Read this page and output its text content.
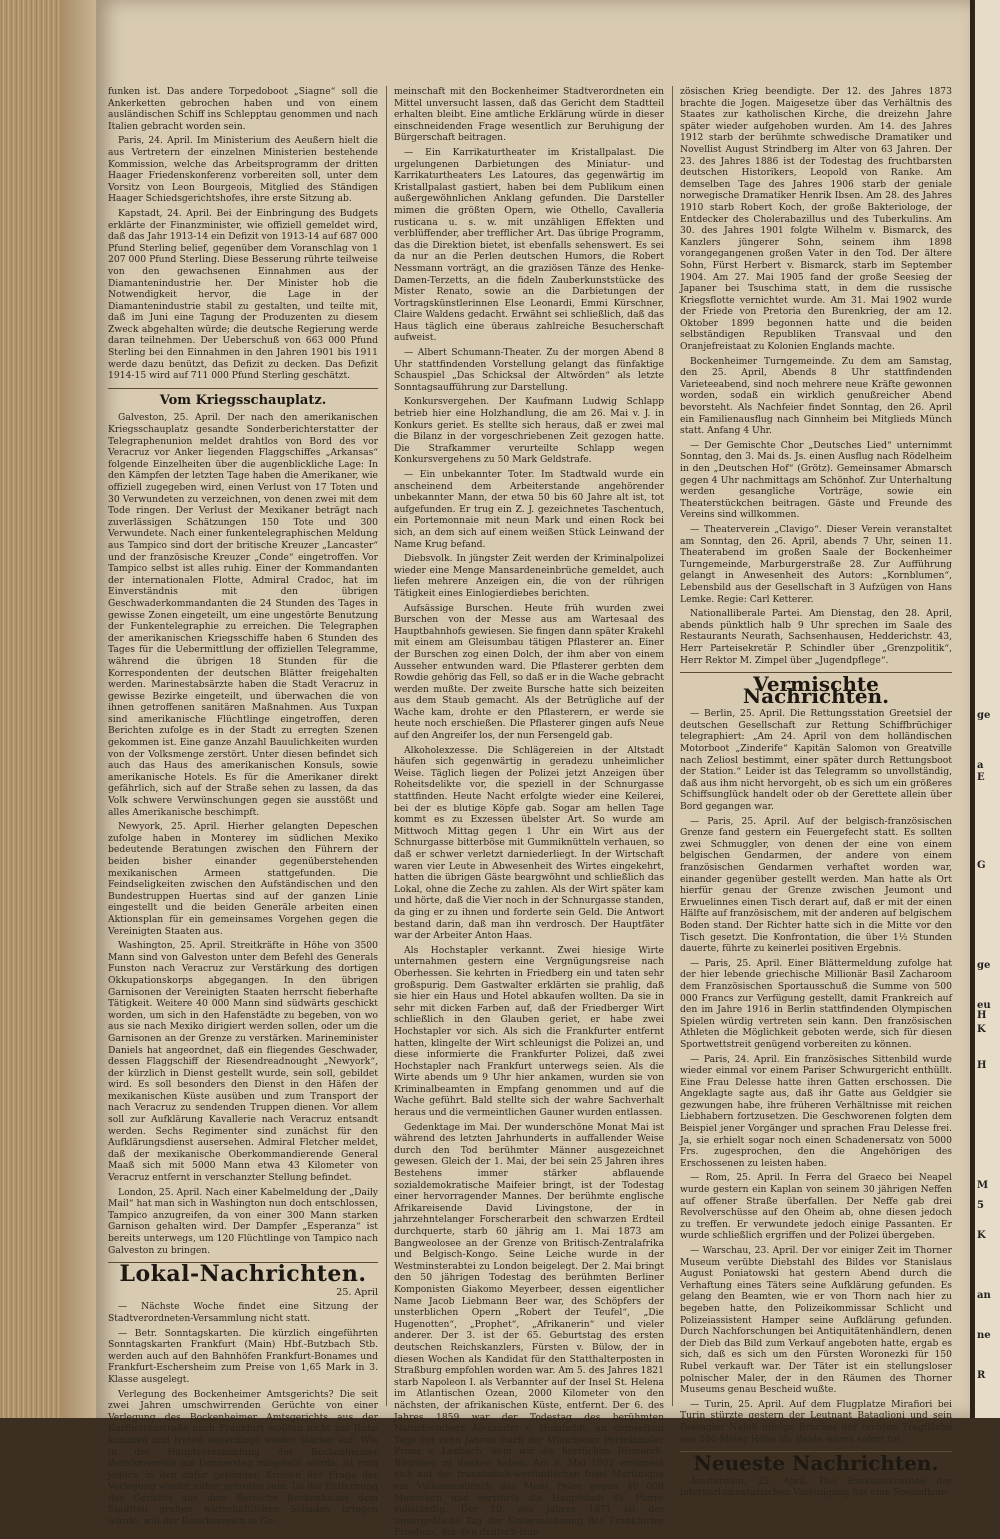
ge
a
E
G
ge
eu
H
K
H
M
5
K
an
ne
R

funken ist. Das andere Torpedoboot „Siagne“ soll die Ankerketten gebrochen haben und von einem ausländischen Schiff ins Schlepptau genommen und nach Italien gebracht worden sein.

Paris, 24. April. Im Ministerium des Aeußern hielt die aus Vertretern der einzelnen Ministerien bestehende Kommission, welche das Arbeitsprogramm der dritten Haager Friedenskonferenz vorbereiten soll, unter dem Vorsitz von Leon Bourgeois, Mitglied des Ständigen Haager Schiedsgerichtshofes, ihre erste Sitzung ab.

Kapstadt, 24. April. Bei der Einbringung des Budgets erklärte der Finanzminister, wie offiziell gemeldet wird, daß das Jahr 1913-14 ein Defizit von 1913-14 auf 687 000 Pfund Sterling belief, gegenüber dem Voranschlag von 1 207 000 Pfund Sterling. Diese Besserung rührte teilweise von den gewachsenen Einnahmen aus der Diamantenindustrie her. Der Minister hob die Notwendigkeit hervor, die Lage in der Diamantenindustrie stabil zu gestalten, und teilte mit, daß im Juni eine Tagung der Produzenten zu diesem Zweck abgehalten würde; die deutsche Regierung werde daran teilnehmen. Der Ueberschuß von 663 000 Pfund Sterling bei den Einnahmen in den Jahren 1901 bis 1911 werde dazu benützt, das Defizit zu decken. Das Defizit 1914-15 wird auf 711 000 Pfund Sterling geschätzt.

Vom Kriegsschauplatz.

Galveston, 25. April. Der nach den amerikanischen Kriegsschauplatz gesandte Sonderberichterstatter der Telegraphenunion meldet drahtlos von Bord des vor Veracruz vor Anker liegenden Flaggschiffes „Arkansas“ folgende Einzelheiten über die augenblickliche Lage: In den Kämpfen der letzten Tage haben die Amerikaner, wie offiziell zugegeben wird, einen Verlust von 17 Toten und 30 Verwundeten zu verzeichnen, von denen zwei mit dem Tode ringen. Der Verlust der Mexikaner beträgt nach zuverlässigen Schätzungen 150 Tote und 300 Verwundete. Nach einer funkentelegraphischen Meldung aus Tampico sind dort der britische Kreuzer „Lancaster“ und der französische Kreuzer „Conde“ eingetroffen. Vor Tampico selbst ist alles ruhig. Einer der Kommandanten der internationalen Flotte, Admiral Cradoc, hat im Einverständnis mit den übrigen Geschwaderkommandanten die 24 Stunden des Tages in gewisse Zonen eingeteilt, um eine ungestörte Benutzung der Funkentelegraphie zu erreichen. Die Telegraphen der amerikanischen Kriegsschiffe haben 6 Stunden des Tages für die Uebermittlung der offiziellen Telegramme, während die übrigen 18 Stunden für die Korrespondenten der deutschen Blätter freigehalten werden. Marinestabsärzte haben die Stadt Veracruz in gewisse Bezirke eingeteilt, und überwachen die von ihnen getroffenen sanitären Maßnahmen. Aus Tuxpan sind amerikanische Flüchtlinge eingetroffen, deren Berichten zufolge es in der Stadt zu erregten Szenen gekommen ist. Eine ganze Anzahl Bauulichkeiten wurden von der Volksmenge zerstört. Unter diesen befindet sich auch das Haus des amerikanischen Konsuls, sowie amerikanische Hotels. Es für die Amerikaner direkt gefährlich, sich auf der Straße sehen zu lassen, da das Volk schwere Verwünschungen gegen sie ausstößt und alles Amerikanische beschimpft.

Newyork, 25. April. Hierher gelangten Depeschen zufolge haben in Monterey im südlichen Mexiko bedeutende Beratungen zwischen den Führern der beiden bisher einander gegenüberstehenden mexikanischen Armeen stattgefunden. Die Feindseligkeiten zwischen den Aufständischen und den Bundestruppen Huertas sind auf der ganzen Linie eingestellt und die beiden Generäle arbeiten einen Aktionsplan für ein gemeinsames Vorgehen gegen die Vereinigten Staaten aus.

Washington, 25. April. Streitkräfte in Höhe von 3500 Mann sind von Galveston unter dem Befehl des Generals Funston nach Veracruz zur Verstärkung des dortigen Okkupationskorps abgegangen. In den übrigen Garnisonen der Vereinigten Staaten herrscht fieberhafte Tätigkeit. Weitere 40 000 Mann sind südwärts geschickt worden, um sich in den Hafenstädte zu begeben, von wo aus sie nach Mexiko dirigiert werden sollen, oder um die Garnisonen an der Grenze zu verstärken. Marineminister Daniels hat angeordnet, daß ein fliegendes Geschwader, dessen Flaggschiff der Riesendreadnought „Newyork“, der kürzlich in Dienst gestellt wurde, sein soll, gebildet wird. Es soll besonders den Dienst in den Häfen der mexikanischen Küste ausüben und zum Transport der nach Veracruz zu sendenden Truppen dienen. Vor allem soll zur Aufklärung Kavallerie nach Veracruz entsandt werden. Sechs Regimenter sind zunächst für den Aufklärungsdienst ausersehen. Admiral Fletcher meldet, daß der mexikanische Oberkommandierende General Maaß sich mit 5000 Mann etwa 43 Kilometer von Veracruz entfernt in verschanzter Stellung befindet.

London, 25. April. Nach einer Kabelmeldung der „Daily Mail“ hat man sich in Washington nun doch entschlossen, Tampico anzugreifen, da von einer 300 Mann starken Garnison gehalten wird. Der Dampfer „Esperanza“ ist bereits unterwegs, um 120 Flüchtlinge von Tampico nach Galveston zu bringen.

Lokal-Nachrichten.
25. April

— Nächste Woche findet eine Sitzung der Stadtverordneten-Versammlung nicht statt.

— Betr. Sonntagskarten. Die kürzlich eingeführten Sonntagskarten Frankfurt (Main) Hbf.-Butzbach Stb. werden auch auf den Bahnhöfen Frankfurt-Bonames und Frankfurt-Eschersheim zum Preise von 1,65 Mark in 3. Klasse ausgelegt.

Verlegung des Bockenheimer Amtsgerichts? Die seit zwei Jahren umschwirrenden Gerüchte von einer Verlegung des Bockenheimer Amtsgerichts aus der Kurfürstenstraße nach Frankfurt wollten nicht zur Ruhe kommen und treten neuerdings wieder stärker auf. Wie in der Hauptversammlung des Bockenheimer Bezirksvereins am Donnerstag mitgeteilt wurde, ist man jedoch in den dafür gebenden Kreisen der Frage der Verlegung wieder näher getreten sein. Da die Entfernung des Gerichts aus dem Bereiche Bockenheims dem Stadtteil großen wirtschaftlichen Schaden bringen würde, will der Bezirksverein in Ge-

meinschaft mit den Bockenheimer Stadtverordneten ein Mittel unversucht lassen, daß das Gericht dem Stadtteil erhalten bleibt. Eine amtliche Erklärung würde in dieser einschneidenden Frage wesentlich zur Beruhigung der Bürgerschaft beitragen.

— Ein Karrikaturtheater im Kristallpalast. Die urgelungenen Darbietungen des Miniatur- und Karrikaturtheaters Les Latoures, das gegenwärtig im Kristallpalast gastiert, haben bei dem Publikum einen außergewöhnlichen Anklang gefunden. Die Darsteller mimen die größten Opern, wie Othello, Cavalleria rusticana u. s. w. mit unzähligen Effekten und verblüffender, aber trefflicher Art. Das übrige Programm, das die Direktion bietet, ist ebenfalls sehenswert. Es sei da nur an die Perlen deutschen Humors, die Robert Nessmann vorträgt, an die graziösen Tänze des Henke-Damen-Terzetts, an die fideln Zauberkunststücke des Mister Renato, sowie an die Darbietungen der Vortragskünstlerinnen Else Leonardi, Emmi Kürschner, Claire Waldens gedacht. Erwähnt sei schließlich, daß das Haus täglich eine überaus zahlreiche Besucherschaft aufweist.

— Albert Schumann-Theater. Zu der morgen Abend 8 Uhr stattfindenden Vorstellung gelangt das fünfaktige Schauspiel „Das Schicksal der Altwörden“ als letzte Sonntagsaufführung zur Darstellung.

Konkursvergehen. Der Kaufmann Ludwig Schlapp betrieb hier eine Holzhandlung, die am 26. Mai v. J. in Konkurs geriet. Es stellte sich heraus, daß er zwei mal die Bilanz in der vorgeschriebenen Zeit gezogen hatte. Die Strafkammer verurteilte Schlapp wegen Konkursvergehens zu 50 Mark Geldstrafe.

— Ein unbekannter Toter. Im Stadtwald wurde ein anscheinend dem Arbeiterstande angehörender unbekannter Mann, der etwa 50 bis 60 Jahre alt ist, tot aufgefunden. Er trug ein Z. J. gezeichnetes Taschentuch, ein Portemonnaie mit neun Mark und einen Rock bei sich, an dem sich auf einem weißen Stück Leinwand der Name Krug befand.

Diebsvolk. In jüngster Zeit werden der Kriminalpolizei wieder eine Menge Mansardeneinbrüche gemeldet, auch liefen mehrere Anzeigen ein, die von der rührigen Tätigkeit eines Einlogierdiebes berichten.

Aufsässige Burschen. Heute früh wurden zwei Burschen von der Messe aus am Wartesaal des Hauptbahnhofs gewiesen. Sie fingen dann später Krakehl mit einem am Gleisumbau tätigen Pflasterer an. Einer der Burschen zog einen Dolch, der ihm aber von einem Ausseher entwunden ward. Die Pflasterer gerbten dem Rowdie gehörig das Fell, so daß er in die Wache gebracht werden mußte. Der zweite Bursche hatte sich beizeiten aus dem Staub gemacht. Als der Betrügliche auf der Wache kam, drohte er den Pflasterern, er werde sie heute noch erschießen. Die Pflasterer gingen aufs Neue auf den Angreifer los, der nun Fersengeld gab.

Alkoholexzesse. Die Schlägereien in der Altstadt häufen sich gegenwärtig in geradezu unheimlicher Weise. Täglich liegen der Polizei jetzt Anzeigen über Roheitsdelikte vor, die speziell in der Schnurgasse stattfinden. Heute Nacht erfolgte wieder eine Keilerei, bei der es blutige Köpfe gab. Sogar am hellen Tage kommt es zu Exzessen übelster Art. So wurde am Mittwoch Mittag gegen 1 Uhr ein Wirt aus der Schnurgasse bitterböse mit Gummiknütteln verhauen, so daß er schwer verletzt darniederliegt. In der Wirtschaft waren vier Leute in Abwesenheit des Wirtes eingekehrt, hatten die übrigen Gäste beargwöhnt und schließlich das Lokal, ohne die Zeche zu zahlen. Als der Wirt später kam und hörte, daß die Vier noch in der Schnurgasse standen, da ging er zu ihnen und forderte sein Geld. Die Antwort bestand darin, daß man ihn verdrosch. Der Hauptfäter war der Arbeiter Anton Haas.

Als Hochstapler verkannt. Zwei hiesige Wirte unternahmen gestern eine Vergnügungsreise nach Oberhessen. Sie kehrten in Friedberg ein und taten sehr großspurig. Dem Gastwalter erklärten sie prahlig, daß sie hier ein Haus und Hotel abkaufen wollten. Da sie in sehr mit dicken Farben auf, daß der Friedberger Wirt schließlich in den Glauben geriet, er habe zwei Hochstapler vor sich. Als sich die Frankfurter entfernt hatten, klingelte der Wirt schleunigst die Polizei an, und diese informierte die Frankfurter Polizei, daß zwei Hochstapler nach Frankfurt unterwegs seien. Als die Wirte abends um 9 Uhr hier ankamen, wurden sie von Kriminalbeamten in Empfang genommen und auf die Wache geführt. Bald stellte sich der wahre Sachverhalt heraus und die vermeintlichen Gauner wurden entlassen.

Gedenktage im Mai. Der wunderschöne Monat Mai ist während des letzten Jahrhunderts in auffallender Weise durch den Tod berühmter Männer ausgezeichnet gewesen. Gleich der 1. Mai, der bei sein 25 Jahren ihres Bestehens immer stärker abflauende sozialdemokratische Maifeier bringt, ist der Todestag einer hervorragender Mannes. Der berühmte englische Afrikareisende David Livingstone, der in jahrzehntelanger Forscherarbeit den schwarzen Erdteil durchquerte, starb 60 jährig am 1. Mai 1873 am Bangweolosee an der Grenze von Britisch-Zentralafrika und Belgisch-Kongo. Seine Leiche wurde in der Westminsterabtei zu London beigelegt. Der 2. Mai bringt den 50 jährigen Todestag des berühmten Berliner Komponisten Giakomo Meyerbeer, dessen eigentlicher Name Jacob Liebmann Beer war, des Schöpfers der unsterblichen Opern „Robert der Teufel“, „Die Hugenotten“, „Prophet“, „Afrikanerin“ und vieler anderer. Der 3. ist der 65. Geburtstag des ersten deutschen Reichskanzlers, Fürsten v. Bülow, der in diesen Wochen als Kandidat für den Statthalterposten in Straßburg empfohlen worden war. Am 5. des Jahres 1821 starb Napoleon I. als Verbannter auf der Insel St. Helena im Atlantischen Ozean, 2000 Kilometer von den nächsten, der afrikanischen Küste, entfernt. Der 6. des Jahres 1859 war der Todestag des berühmten Naturforschers Alexander v. Humboldt, an demselben Tage vor zehn Jahren starb der Münchener Porträtmaler Franz v. Lenbach, dem wir die herrlichen Bismarck-Bildnisse zu danken haben. Am 8. Mai 1902 ereignete sich auf der französisch-westindischen Insel Martinique ein Vulkanausbruch des Mont Pelee gegen 40 000 Menschen und zerstörte die Hauptstadt St. Pierre vollständig. Der 10. des Jahres 1871 ist der unvergeßliche Tag der Unterzeichnung des Frankfurter Friedens, der den deutsch-fran-

zösischen Krieg beendigte. Der 12. des Jahres 1873 brachte die Jogen. Maigesetze über das Verhältnis des Staates zur katholischen Kirche, die dreizehn Jahre später wieder aufgehoben wurden. Am 14. des Jahres 1912 starb der berühmte schwedische Dramatiker und Novellist August Strindberg im Alter von 63 Jahren. Der 23. des Jahres 1886 ist der Todestag des fruchtbarsten deutschen Historikers, Leopold von Ranke. Am demselben Tage des Jahres 1906 starb der geniale norwegische Dramatiker Henrik Ibsen. Am 28. des Jahres 1910 starb Robert Koch, der große Bakteriologe, der Entdecker des Cholerabazillus und des Tuberkulins. Am 30. des Jahres 1901 folgte Wilhelm v. Bismarck, des Kanzlers jüngerer Sohn, seinem ihm 1898 vorangegangenen großen Vater in den Tod. Der ältere Sohn, Fürst Herbert v. Bismarck, starb im September 1904. Am 27. Mai 1905 fand der große Seesieg der Japaner bei Tsuschima statt, in dem die russische Kriegsflotte vernichtet wurde. Am 31. Mai 1902 wurde der Friede von Pretoria den Burenkrieg, der am 12. Oktober 1899 begonnen hatte und die beiden selbständigen Republiken Transvaal und den Oranjefreistaat zu Kolonien Englands machte.

Bockenheimer Turngemeinde. Zu dem am Samstag, den 25. April, Abends 8 Uhr stattfindenden Varieteeabend, sind noch mehrere neue Kräfte gewonnen worden, sodaß ein wirklich genußreicher Abend bevorsteht. Als Nachfeier findet Sonntag, den 26. April ein Familienausflug nach Ginnheim bei Mitglieds Münch statt. Anfang 4 Uhr.

— Der Gemischte Chor „Deutsches Lied“ unternimmt Sonntag, den 3. Mai ds. Js. einen Ausflug nach Rödelheim in den „Deutschen Hof“ (Grötz). Gemeinsamer Abmarsch gegen 4 Uhr nachmittags am Schönhof. Zur Unterhaltung werden gesangliche Vorträge, sowie ein Theaterstückchen beitragen. Gäste und Freunde des Vereins sind willkommen.

— Theaterverein „Clavigo“. Dieser Verein veranstaltet am Sonntag, den 26. April, abends 7 Uhr, seinen 11. Theaterabend im großen Saale der Bockenheimer Turngemeinde, Marburgerstraße 28. Zur Aufführung gelangt in Anwesenheit des Autors: „Kornblumen“, Lebensbild aus der Gesellschaft in 3 Aufzügen von Hans Lemke. Regie: Carl Ketterer.

Nationalliberale Partei. Am Dienstag, den 28. April, abends pünktlich halb 9 Uhr sprechen im Saale des Restaurants Neurath, Sachsenhausen, Hedderichstr. 43, Herr Parteisekretär P. Schindler über „Grenzpolitik“, Herr Rektor M. Zimpel über „Jugendpflege“.

Vermischte Nachrichten.

— Berlin, 25. April. Die Rettungsstation Greetsiel der deutschen Gesellschaft zur Rettung Schiffbrüchiger telegraphiert: „Am 24. April von dem holländischen Motorboot „Zinderife“ Kapitän Salomon von Greatville nach Zeliosl bestimmt, einer später durch Rettungsboot der Station.“ Leider ist das Telegramm so unvollständig, daß aus ihm nicht hervorgeht, ob es sich um ein größeres Schiffsunglück handelt oder ob der Gerettete allein über Bord gegangen war.

— Paris, 25. April. Auf der belgisch-französischen Grenze fand gestern ein Feuergefecht statt. Es sollten zwei Schmuggler, von denen der eine von einem belgischen Gendarmen, der andere von einem französischen Gendarmen verhaftet worden war, einander gegenüber gestellt werden. Man hatte als Ort hierfür genau der Grenze zwischen Jeumont und Erwuelinnes einen Tisch derart auf, daß er mit der einen Hälfte auf französischem, mit der anderen auf belgischem Boden stand. Der Richter hatte sich in die Mitte vor den Tisch gesetzt. Die Konfrontation, die über 1½ Stunden dauerte, führte zu keinerlei positiven Ergebnis.

— Paris, 25. April. Einer Blättermeldung zufolge hat der hier lebende griechische Millionär Basil Zacharoom dem Französischen Sportausschuß die Summe von 500 000 Francs zur Verfügung gestellt, damit Frankreich auf den im Jahre 1916 in Berlin stattfindenden Olympischen Spielen würdig vertreten sein kann. Den französischen Athleten die Möglichkeit geboten werde, sich für diesen Sportwettstreit genügend vorbereiten zu können.

— Paris, 24. April. Ein französisches Sittenbild wurde wieder einmal vor einem Pariser Schwurgericht enthüllt. Eine Frau Delesse hatte ihren Gatten erschossen. Die Angeklagte sagte aus, daß ihr Gatte aus Geldgier sie gezwungen habe, ihre früheren Verhältnisse mit reichen Liebhabern fortzusetzen. Die Geschworenen folgten dem Beispiel jener Vorgänger und sprachen Frau Delesse frei. Ja, sie erhielt sogar noch einen Schadenersatz von 5000 Frs. zugesprochen, den die Angehörigen des Erschossenen zu leisten haben.

— Rom, 25. April. In Ferra del Graeco bei Neapel wurde gestern ein Kaplan von seinem 30 jährigen Neffen auf offener Straße überfallen. Der Neffe gab drei Revolverschüsse auf den Oheim ab, ohne diesen jedoch zu treffen. Er verwundete jedoch einige Passanten. Er wurde schließlich ergriffen und der Polizei übergeben.

— Warschau, 23. April. Der vor einiger Zeit im Thorner Museum verübte Diebstahl des Bildes vor Stanislaus August Poniatowski hat gestern Abend durch die Verhaftung eines Täters seine Aufklärung gefunden. Es gelang den Beamten, wie er von Thorn nach hier zu begeben hatte, den Polizeikommissar Schlicht und Polizeiassistent Hamper seine Aufklärung gefunden. Durch Nachforschungen bei Antiquitätenhändlern, denen der Dieb das Bild zum Verkauf angeboten hatte, ergab es sich, daß es sich um den Fürsten Woronezki für 150 Rubel verkauft war. Der Täter ist ein stellungsloser polnischer Maler, der in den Räumen des Thorner Museums genau Bescheid wußte.

— Turin, 25. April. Auf dem Flugplatze Mirafiori bei Turin stürzte gestern der Leutnant Bataglioni und sein Passagier Nafoli infolge Bruches der rechten Tragfläche aus 200 Meter Höhe ab. Beide waren sofort tot.

Neueste Nachrichten.

Amsterdam, 25. April. Das Exekutivkomitee der interparlamentarischen Vereinigung hat eine Spezialkom-
